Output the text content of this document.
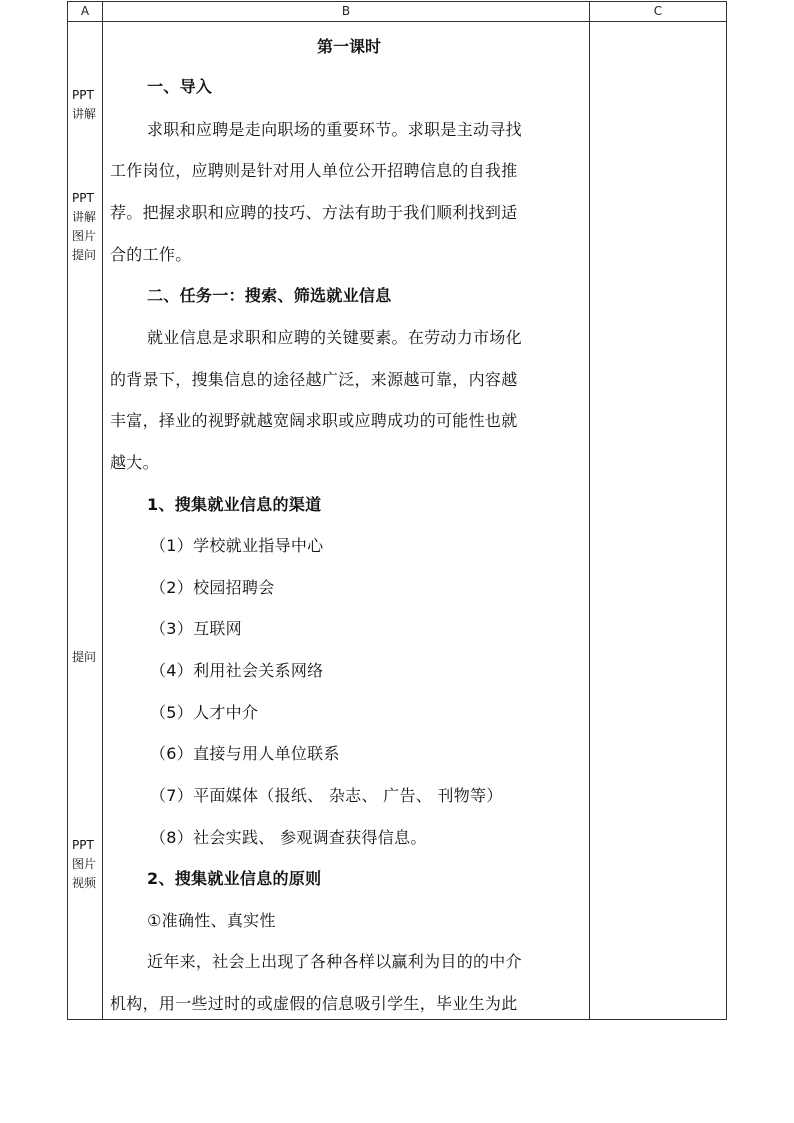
A	B	C
PPT
讲解
PPT
讲解
图片
提问
提问
PPT
图片
视频
第一课时
一、导入
求职和应聘是走向职场的重要环节。求职是主动寻找
工作岗位，应聘则是针对用人单位公开招聘信息的自我推
荐。把握求职和应聘的技巧、方法有助于我们顺利找到适
合的工作。
二、任务一：搜索、筛选就业信息
就业信息是求职和应聘的关键要素。在劳动力市场化
的背景下，搜集信息的途径越广泛，来源越可靠，内容越
丰富，择业的视野就越宽阔求职或应聘成功的可能性也就
越大。
1、搜集就业信息的渠道
（1）学校就业指导中心
（2）校园招聘会
（3）互联网
（4）利用社会关系网络
（5）人才中介
（6）直接与用人单位联系
（7）平面媒体（报纸、 杂志、 广告、 刊物等）
（8）社会实践、 参观调查获得信息。
2、搜集就业信息的原则
①准确性、真实性
近年来，社会上出现了各种各样以赢利为目的的中介
机构，用一些过时的或虚假的信息吸引学生，毕业生为此
